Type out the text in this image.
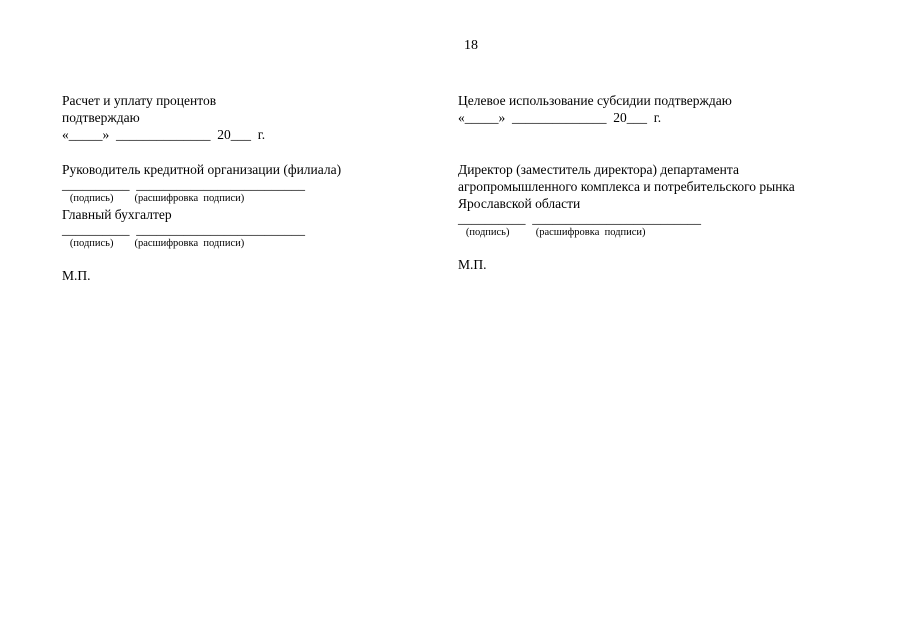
18
Расчет и уплату процентов
подтверждаю
«_____»  ______________  20___  г.
Руководитель кредитной организации (филиала)
__________  _________________________
(подпись)        (расшифровка  подписи)
Главный бухгалтер
__________  _________________________
(подпись)        (расшифровка  подписи)
М.П.
Целевое использование субсидии подтверждаю
«_____»  ______________  20___  г.
Директор (заместитель директора) департамента
агропромышленного комплекса и потребительского рынка
Ярославской области
__________  _________________________
(подпись)          (расшифровка  подписи)
М.П.
